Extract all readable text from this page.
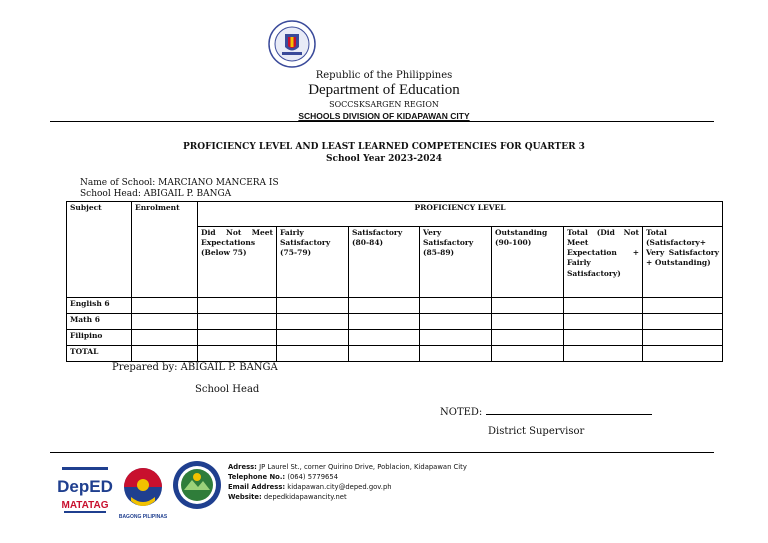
Republic of the Philippines
Department of Education
SOCCSKSARGEN REGION
SCHOOLS DIVISION OF KIDAPAWAN CITY
PROFICIENCY LEVEL AND LEAST LEARNED COMPETENCIES FOR QUARTER 3
School Year 2023-2024
Name of School: MARCIANO MANCERA IS
School Head: ABIGAIL P. BANGA
Subject	Enrolment	PROFICIENCY LEVEL						
		Did Not Meet Expectations (Below 75)	Fairly Satisfactory (75-79)	Satisfactory (80-84)	Very Satisfactory (85-89)	Outstanding (90-100)	Total (Did Not Meet Expectation + Fairly Satisfactory)	Total (Satisfactory+ Very Satisfactory + Outstanding)
English 6								
Math 6								
Filipino								
TOTAL								
Prepared by: ABIGAIL P. BANGA
School Head
NOTED:
District Supervisor
DepED
MATATAG
BAGONG PILIPINAS
Adress: JP Laurel St., corner Quirino Drive, Poblacion, Kidapawan City
Telephone No.: (064) 5779654
Email Address: kidapawan.city@deped.gov.ph
Website: depedkidapawancity.net
